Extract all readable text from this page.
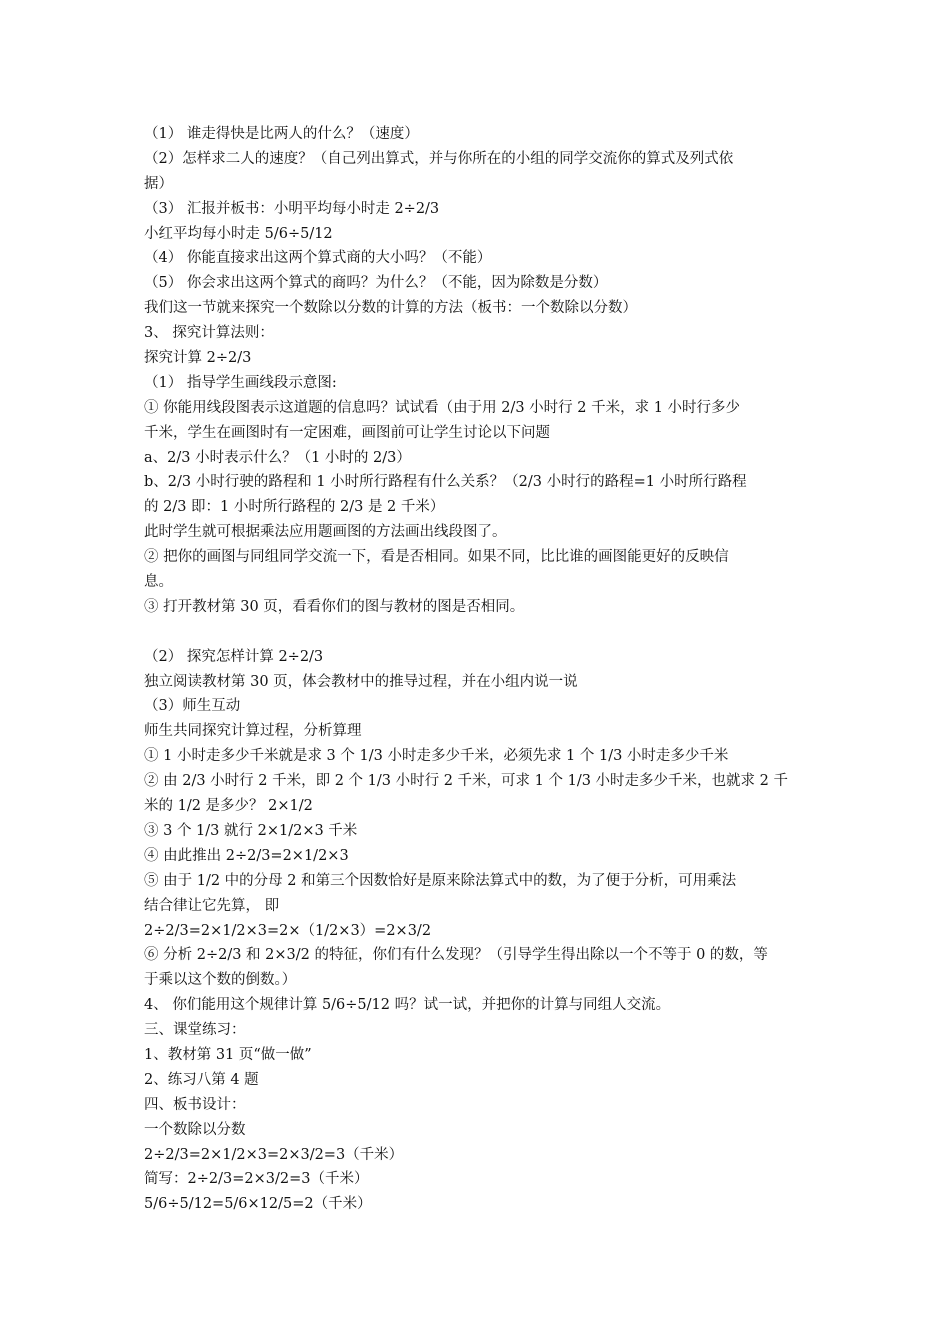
（1） 谁走得快是比两人的什么？（速度）
（2）怎样求二人的速度？（自己列出算式，并与你所在的小组的同学交流你的算式及列式依
据）
（3） 汇报并板书：小明平均每小时走 2÷2/3
小红平均每小时走 5/6÷5/12
（4） 你能直接求出这两个算式商的大小吗？（不能）
（5） 你会求出这两个算式的商吗？为什么？（不能，因为除数是分数）
我们这一节就来探究一个数除以分数的计算的方法（板书：一个数除以分数）
3、 探究计算法则：
探究计算 2÷2/3
（1） 指导学生画线段示意图:
① 你能用线段图表示这道题的信息吗？试试看（由于用 2/3 小时行 2 千米，求 1 小时行多少
千米，学生在画图时有一定困难，画图前可让学生讨论以下问题
a、2/3 小时表示什么？（1 小时的 2/3）
b、2/3 小时行驶的路程和 1 小时所行路程有什么关系？（2/3 小时行的路程=1 小时所行路程
的 2/3 即：1 小时所行路程的 2/3 是 2 千米）
此时学生就可根据乘法应用题画图的方法画出线段图了。
② 把你的画图与同组同学交流一下，看是否相同。如果不同，比比谁的画图能更好的反映信
息。
③ 打开教材第 30 页，看看你们的图与教材的图是否相同。
（2） 探究怎样计算 2÷2/3
独立阅读教材第 30 页，体会教材中的推导过程，并在小组内说一说
（3）师生互动
师生共同探究计算过程，分析算理
① 1 小时走多少千米就是求 3 个 1/3 小时走多少千米，必须先求 1 个 1/3 小时走多少千米
② 由 2/3 小时行 2 千米，即 2 个 1/3 小时行 2 千米，可求 1 个 1/3 小时走多少千米，也就求 2 千
米的 1/2 是多少？ 2×1/2
③ 3 个 1/3 就行 2×1/2×3 千米
④ 由此推出 2÷2/3=2×1/2×3
⑤ 由于 1/2 中的分母 2 和第三个因数恰好是原来除法算式中的数，为了便于分析，可用乘法
结合律让它先算， 即
2÷2/3=2×1/2×3=2×（1/2×3）=2×3/2
⑥ 分析 2÷2/3 和 2×3/2 的特征，你们有什么发现？（引导学生得出除以一个不等于 0 的数，等
于乘以这个数的倒数。）
4、 你们能用这个规律计算 5/6÷5/12 吗？试一试，并把你的计算与同组人交流。
三、课堂练习：
1、教材第 31 页“做一做”
2、练习八第 4 题
四、板书设计：
一个数除以分数
2÷2/3=2×1/2×3=2×3/2=3（千米）
简写：2÷2/3=2×3/2=3（千米）
5/6÷5/12=5/6×12/5=2（千米）
